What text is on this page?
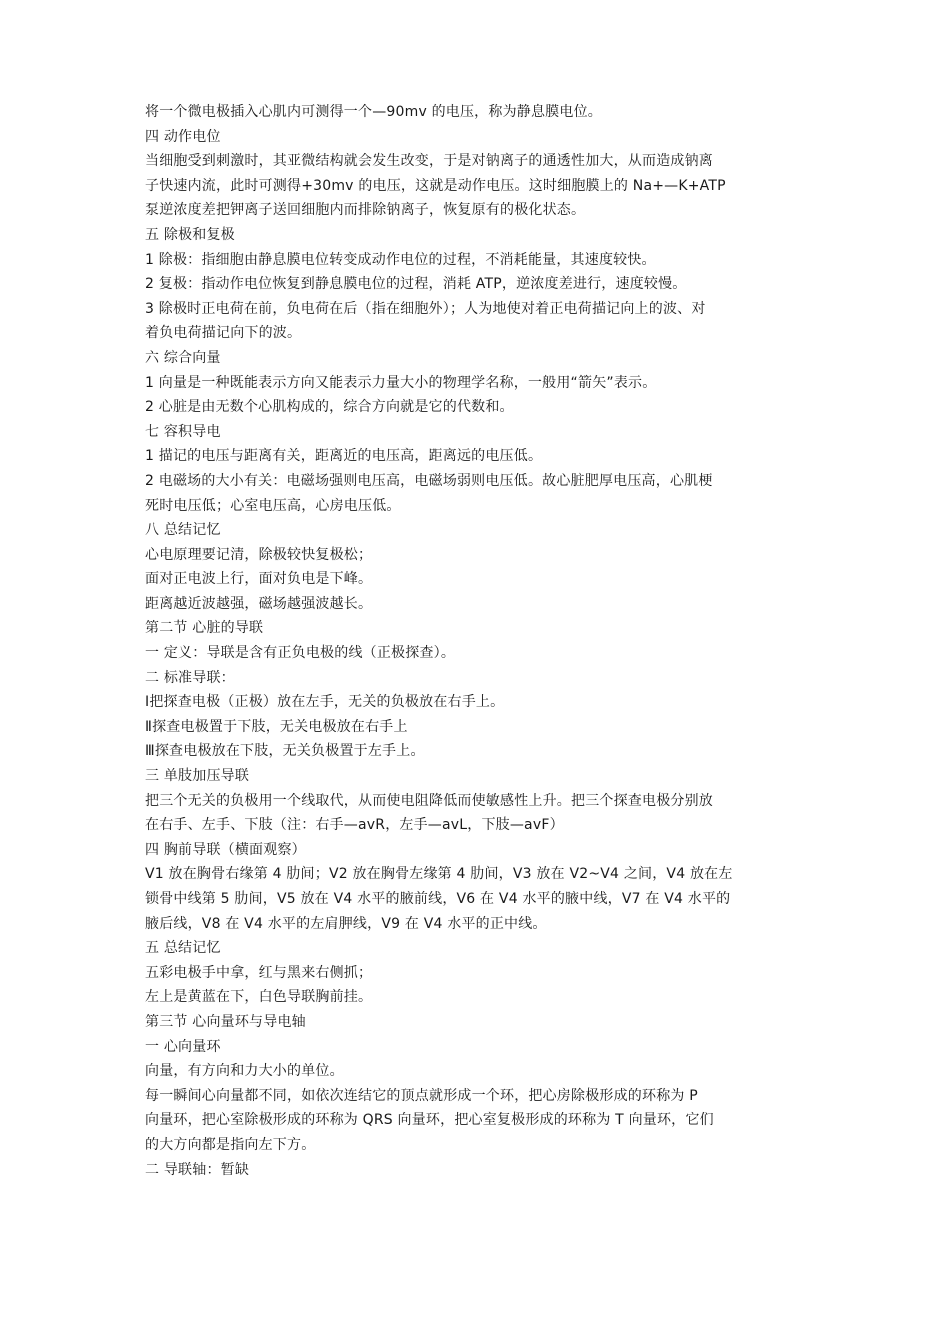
将一个微电极插入心肌内可测得一个—90mv 的电压，称为静息膜电位。
四 动作电位
当细胞受到刺激时，其亚微结构就会发生改变，于是对钠离子的通透性加大，从而造成钠离
子快速内流，此时可测得+30mv 的电压，这就是动作电压。这时细胞膜上的 Na+—K+ATP
泵逆浓度差把钾离子送回细胞内而排除钠离子，恢复原有的极化状态。
五 除极和复极
1 除极：指细胞由静息膜电位转变成动作电位的过程，不消耗能量，其速度较快。
2 复极：指动作电位恢复到静息膜电位的过程，消耗 ATP，逆浓度差进行，速度较慢。
3 除极时正电荷在前，负电荷在后（指在细胞外）；人为地使对着正电荷描记向上的波、对
着负电荷描记向下的波。
六 综合向量
1 向量是一种既能表示方向又能表示力量大小的物理学名称，一般用“箭矢”表示。
2 心脏是由无数个心肌构成的，综合方向就是它的代数和。
七 容积导电
1 描记的电压与距离有关，距离近的电压高，距离远的电压低。
2 电磁场的大小有关：电磁场强则电压高，电磁场弱则电压低。故心脏肥厚电压高，心肌梗
死时电压低；心室电压高，心房电压低。
八 总结记忆
心电原理要记清，除极较快复极松；
面对正电波上行，面对负电是下峰。
距离越近波越强，磁场越强波越长。
第二节 心脏的导联
一 定义：导联是含有正负电极的线（正极探查）。
二 标准导联：
Ⅰ把探查电极（正极）放在左手，无关的负极放在右手上。
Ⅱ探查电极置于下肢，无关电极放在右手上
Ⅲ探查电极放在下肢，无关负极置于左手上。
三 单肢加压导联
把三个无关的负极用一个线取代，从而使电阻降低而使敏感性上升。把三个探查电极分别放
在右手、左手、下肢（注：右手—avR，左手—avL，下肢—avF）
四 胸前导联（横面观察）
V1 放在胸骨右缘第 4 肋间；V2 放在胸骨左缘第 4 肋间，V3 放在 V2~V4 之间，V4 放在左
锁骨中线第 5 肋间，V5 放在 V4 水平的腋前线，V6 在 V4 水平的腋中线，V7 在 V4 水平的
腋后线，V8 在 V4 水平的左肩胛线，V9 在 V4 水平的正中线。
五 总结记忆
五彩电极手中拿，红与黑来右侧抓；
左上是黄蓝在下，白色导联胸前挂。
第三节 心向量环与导电轴
一 心向量环
向量，有方向和力大小的单位。
每一瞬间心向量都不同，如依次连结它的顶点就形成一个环，把心房除极形成的环称为 P
向量环，把心室除极形成的环称为 QRS 向量环，把心室复极形成的环称为 T 向量环，它们
的大方向都是指向左下方。
二 导联轴：暂缺
